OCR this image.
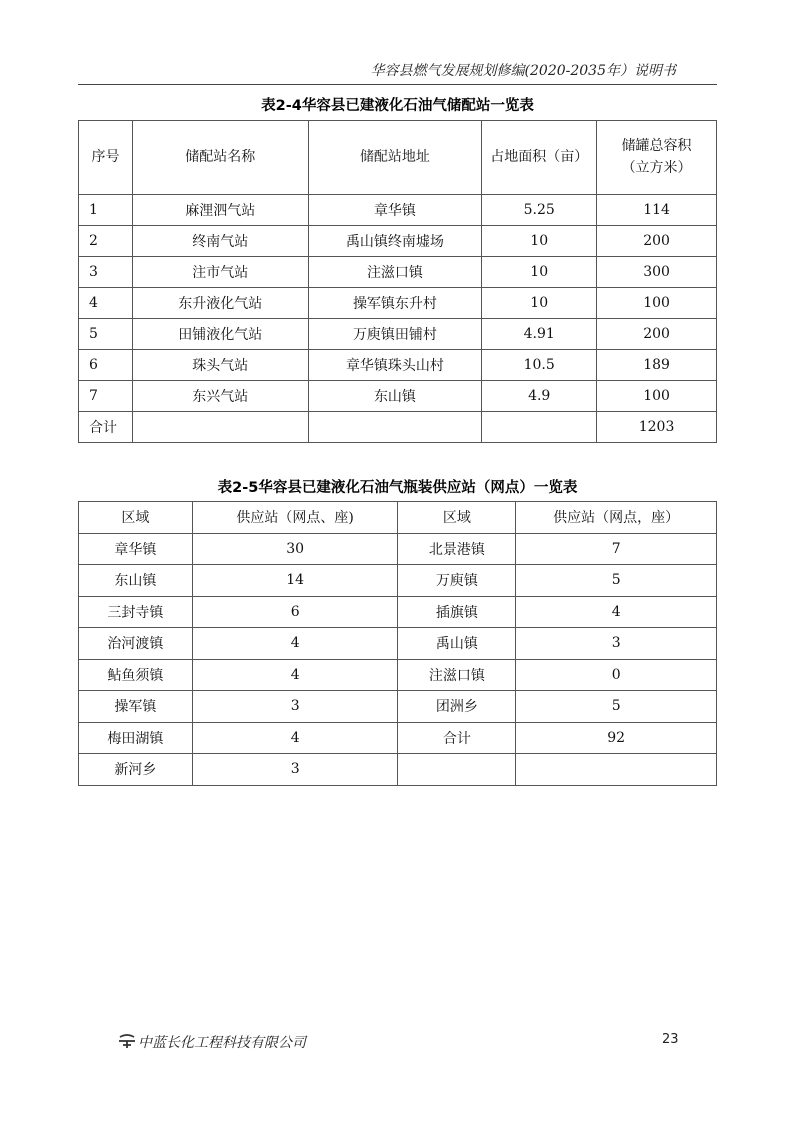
华容县燃气发展规划修编(2020-2035年）说明书
表2-4华容县已建液化石油气储配站一览表
序号	储配站名称	储配站地址	占地面积（亩）	储罐总容积
（立方米）

1	麻浬泗气站	章华镇	5.25	114
2	终南气站	禹山镇终南墟场	10	200
3	注市气站	注滋口镇	10	300
4	东升液化气站	操军镇东升村	10	100
5	田铺液化气站	万庾镇田铺村	4.91	200
6	珠头气站	章华镇珠头山村	10.5	189
7	东兴气站	东山镇	4.9	100
合计				1203
表2-5华容县已建液化石油气瓶装供应站（网点）一览表
区域	供应站（网点、座)	区域	供应站（网点，座）
章华镇	30	北景港镇	7
东山镇	14	万庾镇	5
三封寺镇	6	插旗镇	4
治河渡镇	4	禹山镇	3
鲇鱼须镇	4	注滋口镇	0
操军镇	3	团洲乡	5
梅田湖镇	4	合计	92
新河乡	3		
中蓝长化工程科技有限公司	23
